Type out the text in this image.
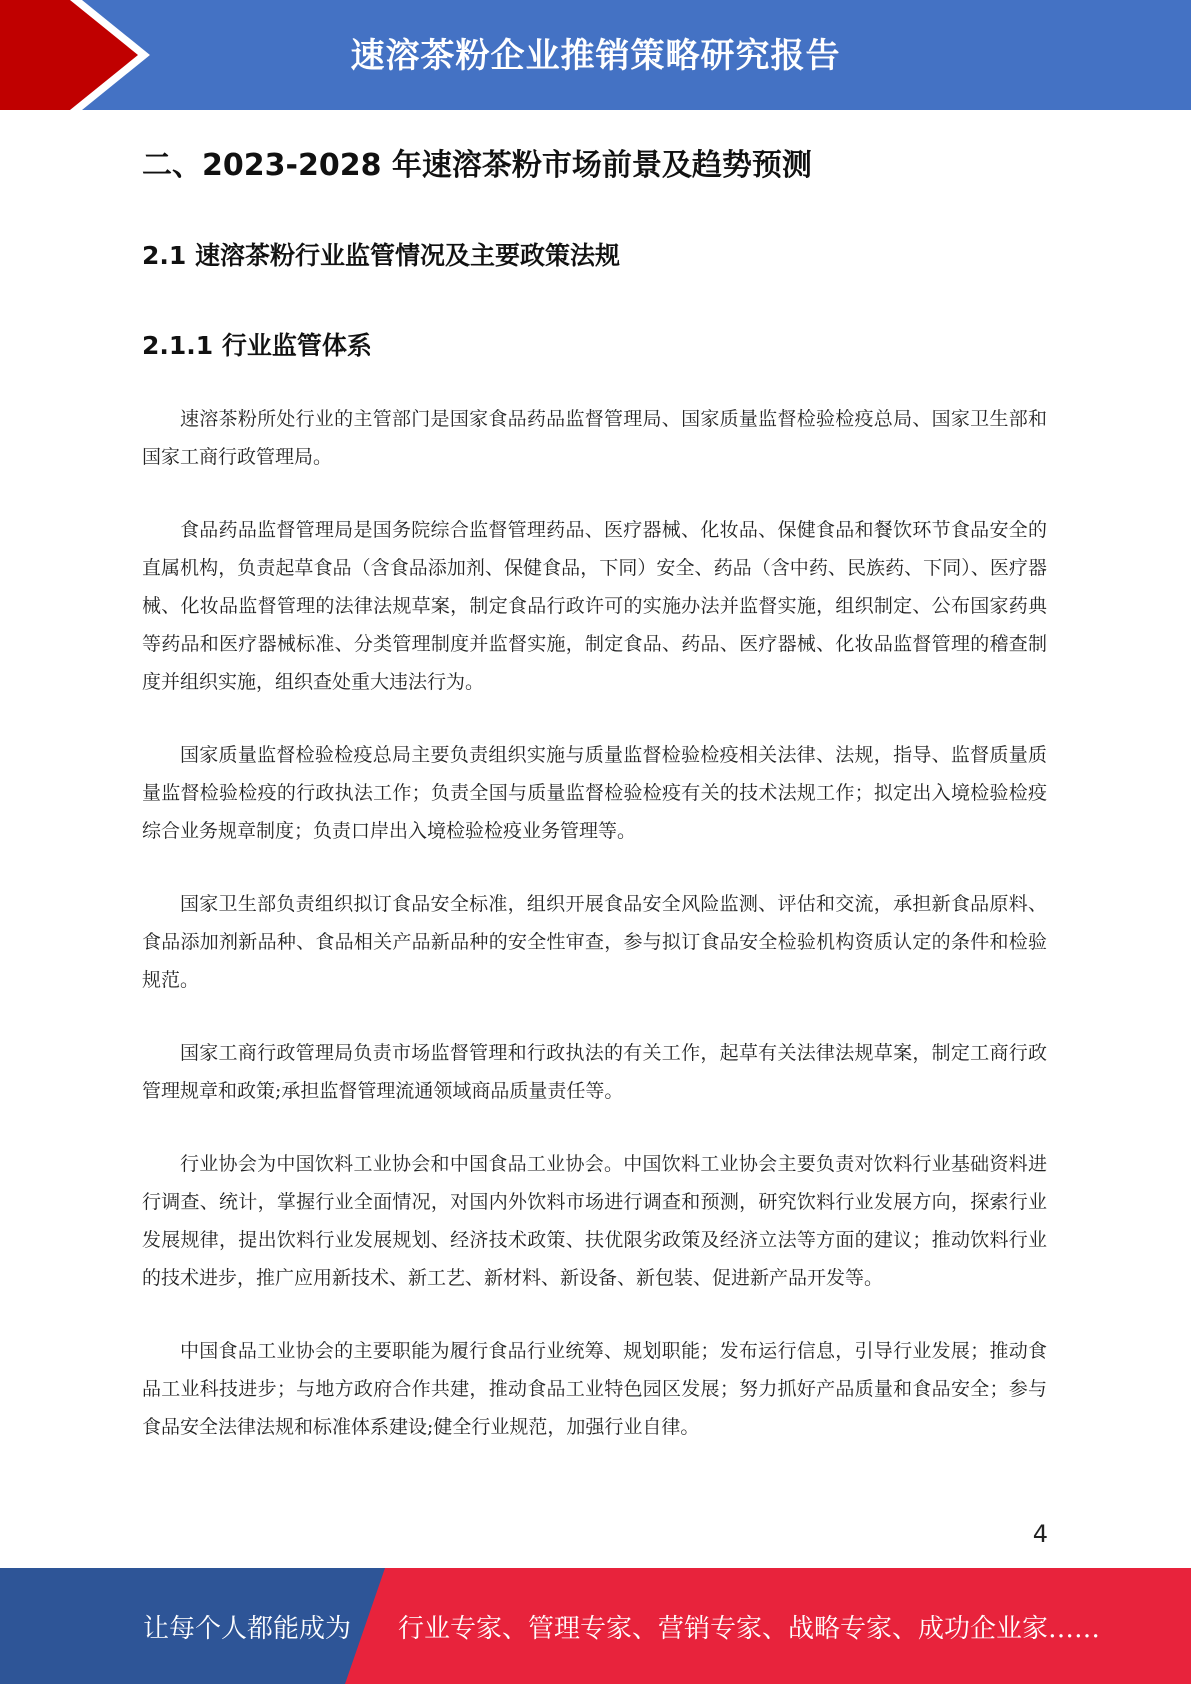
速溶茶粉企业推销策略研究报告
二、2023-2028 年速溶茶粉市场前景及趋势预测
2.1 速溶茶粉行业监管情况及主要政策法规
2.1.1 行业监管体系

速溶茶粉所处行业的主管部门是国家食品药品监督管理局、国家质量监督检验检疫总局、国家卫生部和国家工商行政管理局。

食品药品监督管理局是国务院综合监督管理药品、医疗器械、化妆品、保健食品和餐饮环节食品安全的直属机构，负责起草食品（含食品添加剂、保健食品，下同）安全、药品（含中药、民族药、下同）、医疗器械、化妆品监督管理的法律法规草案，制定食品行政许可的实施办法并监督实施，组织制定、公布国家药典等药品和医疗器械标准、分类管理制度并监督实施，制定食品、药品、医疗器械、化妆品监督管理的稽查制度并组织实施，组织查处重大违法行为。

国家质量监督检验检疫总局主要负责组织实施与质量监督检验检疫相关法律、法规，指导、监督质量质量监督检验检疫的行政执法工作；负责全国与质量监督检验检疫有关的技术法规工作；拟定出入境检验检疫综合业务规章制度；负责口岸出入境检验检疫业务管理等。

国家卫生部负责组织拟订食品安全标准，组织开展食品安全风险监测、评估和交流，承担新食品原料、食品添加剂新品种、食品相关产品新品种的安全性审查，参与拟订食品安全检验机构资质认定的条件和检验规范。

国家工商行政管理局负责市场监督管理和行政执法的有关工作，起草有关法律法规草案，制定工商行政管理规章和政策;承担监督管理流通领域商品质量责任等。

行业协会为中国饮料工业协会和中国食品工业协会。中国饮料工业协会主要负责对饮料行业基础资料进行调查、统计，掌握行业全面情况，对国内外饮料市场进行调查和预测，研究饮料行业发展方向，探索行业发展规律，提出饮料行业发展规划、经济技术政策、扶优限劣政策及经济立法等方面的建议；推动饮料行业的技术进步，推广应用新技术、新工艺、新材料、新设备、新包装、促进新产品开发等。

中国食品工业协会的主要职能为履行食品行业统筹、规划职能；发布运行信息，引导行业发展；推动食品工业科技进步；与地方政府合作共建，推动食品工业特色园区发展；努力抓好产品质量和食品安全；参与食品安全法律法规和标准体系建设;健全行业规范，加强行业自律。

4
让每个人都能成为 行业专家、管理专家、营销专家、战略专家、成功企业家……
